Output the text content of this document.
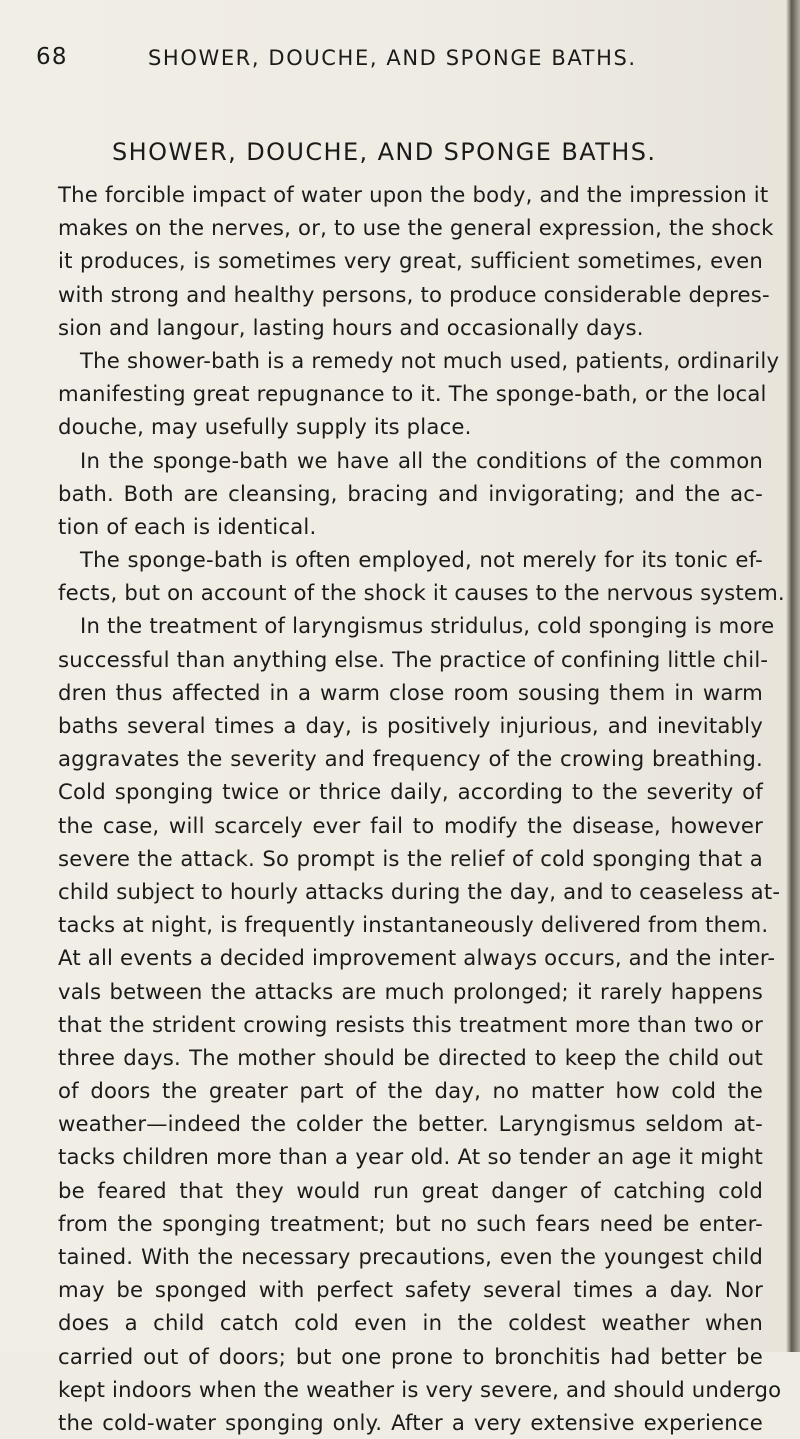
68	SHOWER, DOUCHE, AND SPONGE BATHS.
SHOWER, DOUCHE, AND SPONGE BATHS.
The forcible impact of water upon the body, and the impression it
makes on the nerves, or, to use the general expression, the shock
it produces, is sometimes very great, sufficient sometimes, even
with strong and healthy persons, to produce considerable depres-
sion and langour, lasting hours and occasionally days.
The shower-bath is a remedy not much used, patients, ordinarily
manifesting great repugnance to it. The sponge-bath, or the local
douche, may usefully supply its place.
In the sponge-bath we have all the conditions of the common
bath. Both are cleansing, bracing and invigorating; and the ac-
tion of each is identical.
The sponge-bath is often employed, not merely for its tonic ef-
fects, but on account of the shock it causes to the nervous system.
In the treatment of laryngismus stridulus, cold sponging is more
successful than anything else. The practice of confining little chil-
dren thus affected in a warm close room sousing them in warm
baths several times a day, is positively injurious, and inevitably
aggravates the severity and frequency of the crowing breathing.
Cold sponging twice or thrice daily, according to the severity of
the case, will scarcely ever fail to modify the disease, however
severe the attack. So prompt is the relief of cold sponging that a
child subject to hourly attacks during the day, and to ceaseless at-
tacks at night, is frequently instantaneously delivered from them.
At all events a decided improvement always occurs, and the inter-
vals between the attacks are much prolonged; it rarely happens
that the strident crowing resists this treatment more than two or
three days. The mother should be directed to keep the child out
of doors the greater part of the day, no matter how cold the
weather—indeed the colder the better. Laryngismus seldom at-
tacks children more than a year old. At so tender an age it might
be feared that they would run great danger of catching cold
from the sponging treatment; but no such fears need be enter-
tained. With the necessary precautions, even the youngest child
may be sponged with perfect safety several times a day. Nor
does a child catch cold even in the coldest weather when
carried out of doors; but one prone to bronchitis had better be
kept indoors when the weather is very severe, and should undergo
the cold-water sponging only. After a very extensive experience
